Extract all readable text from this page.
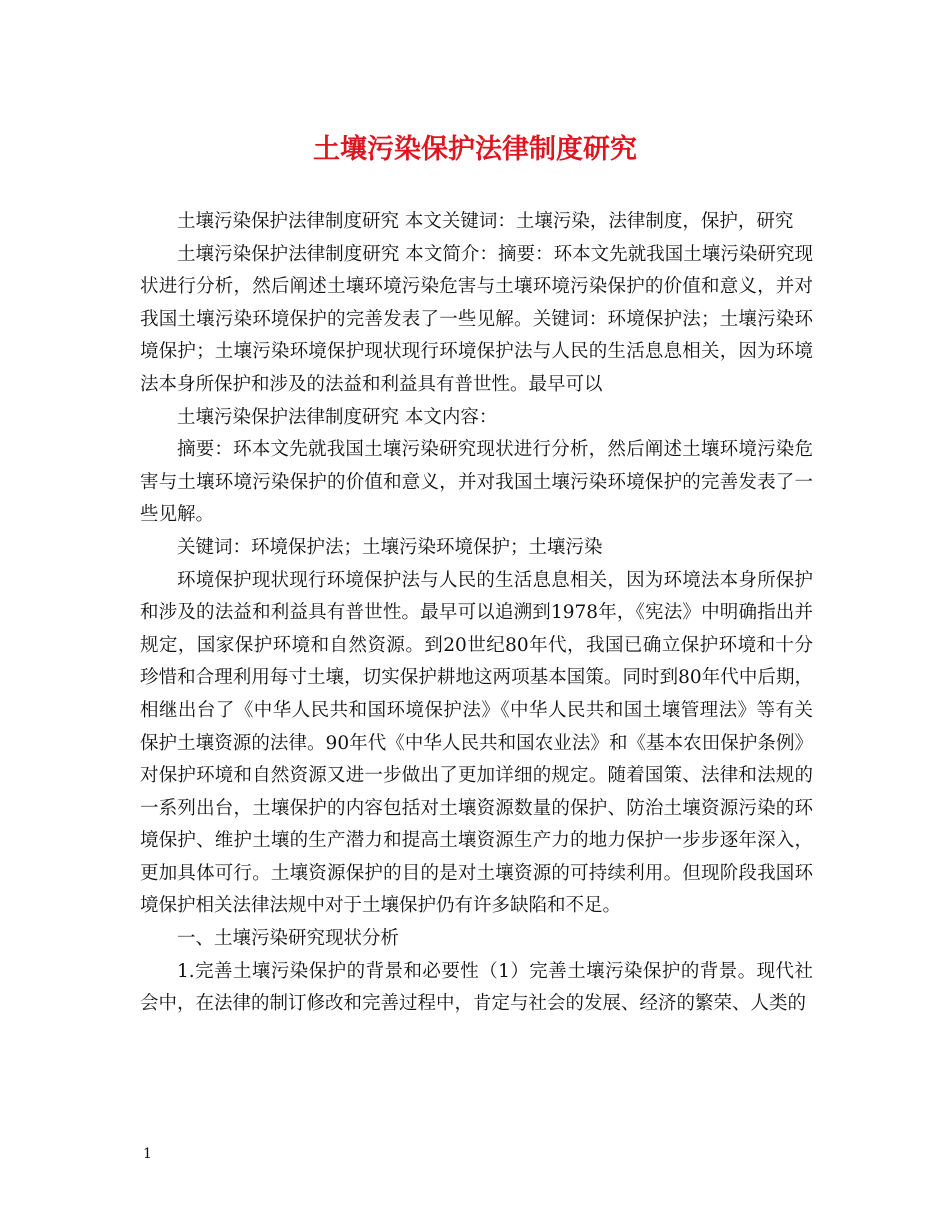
土壤污染保护法律制度研究

土壤污染保护法律制度研究 本文关键词：土壤污染，法律制度，保护，研究

土壤污染保护法律制度研究 本文简介：摘要：环本文先就我国土壤污染研究现状进行分析，然后阐述土壤环境污染危害与土壤环境污染保护的价值和意义，并对我国土壤污染环境保护的完善发表了一些见解。关键词：环境保护法；土壤污染环境保护；土壤污染环境保护现状现行环境保护法与人民的生活息息相关，因为环境法本身所保护和涉及的法益和利益具有普世性。最早可以

土壤污染保护法律制度研究 本文内容：

摘要：环本文先就我国土壤污染研究现状进行分析，然后阐述土壤环境污染危害与土壤环境污染保护的价值和意义，并对我国土壤污染环境保护的完善发表了一些见解。

关键词：环境保护法；土壤污染环境保护；土壤污染

环境保护现状现行环境保护法与人民的生活息息相关，因为环境法本身所保护和涉及的法益和利益具有普世性。最早可以追溯到1978年，《宪法》中明确指出并规定，国家保护环境和自然资源。到20世纪80年代，我国已确立保护环境和十分珍惜和合理利用每寸土壤，切实保护耕地这两项基本国策。同时到80年代中后期，相继出台了《中华人民共和国环境保护法》《中华人民共和国土壤管理法》等有关保护土壤资源的法律。90年代《中华人民共和国农业法》和《基本农田保护条例》对保护环境和自然资源又进一步做出了更加详细的规定。随着国策、法律和法规的一系列出台，土壤保护的内容包括对土壤资源数量的保护、防治土壤资源污染的环境保护、维护土壤的生产潜力和提高土壤资源生产力的地力保护一步步逐年深入，更加具体可行。土壤资源保护的目的是对土壤资源的可持续利用。但现阶段我国环境保护相关法律法规中对于土壤保护仍有许多缺陷和不足。

一、土壤污染研究现状分析

1.完善土壤污染保护的背景和必要性（1）完善土壤污染保护的背景。现代社会中，在法律的制订修改和完善过程中，肯定与社会的发展、经济的繁荣、人类的

1
